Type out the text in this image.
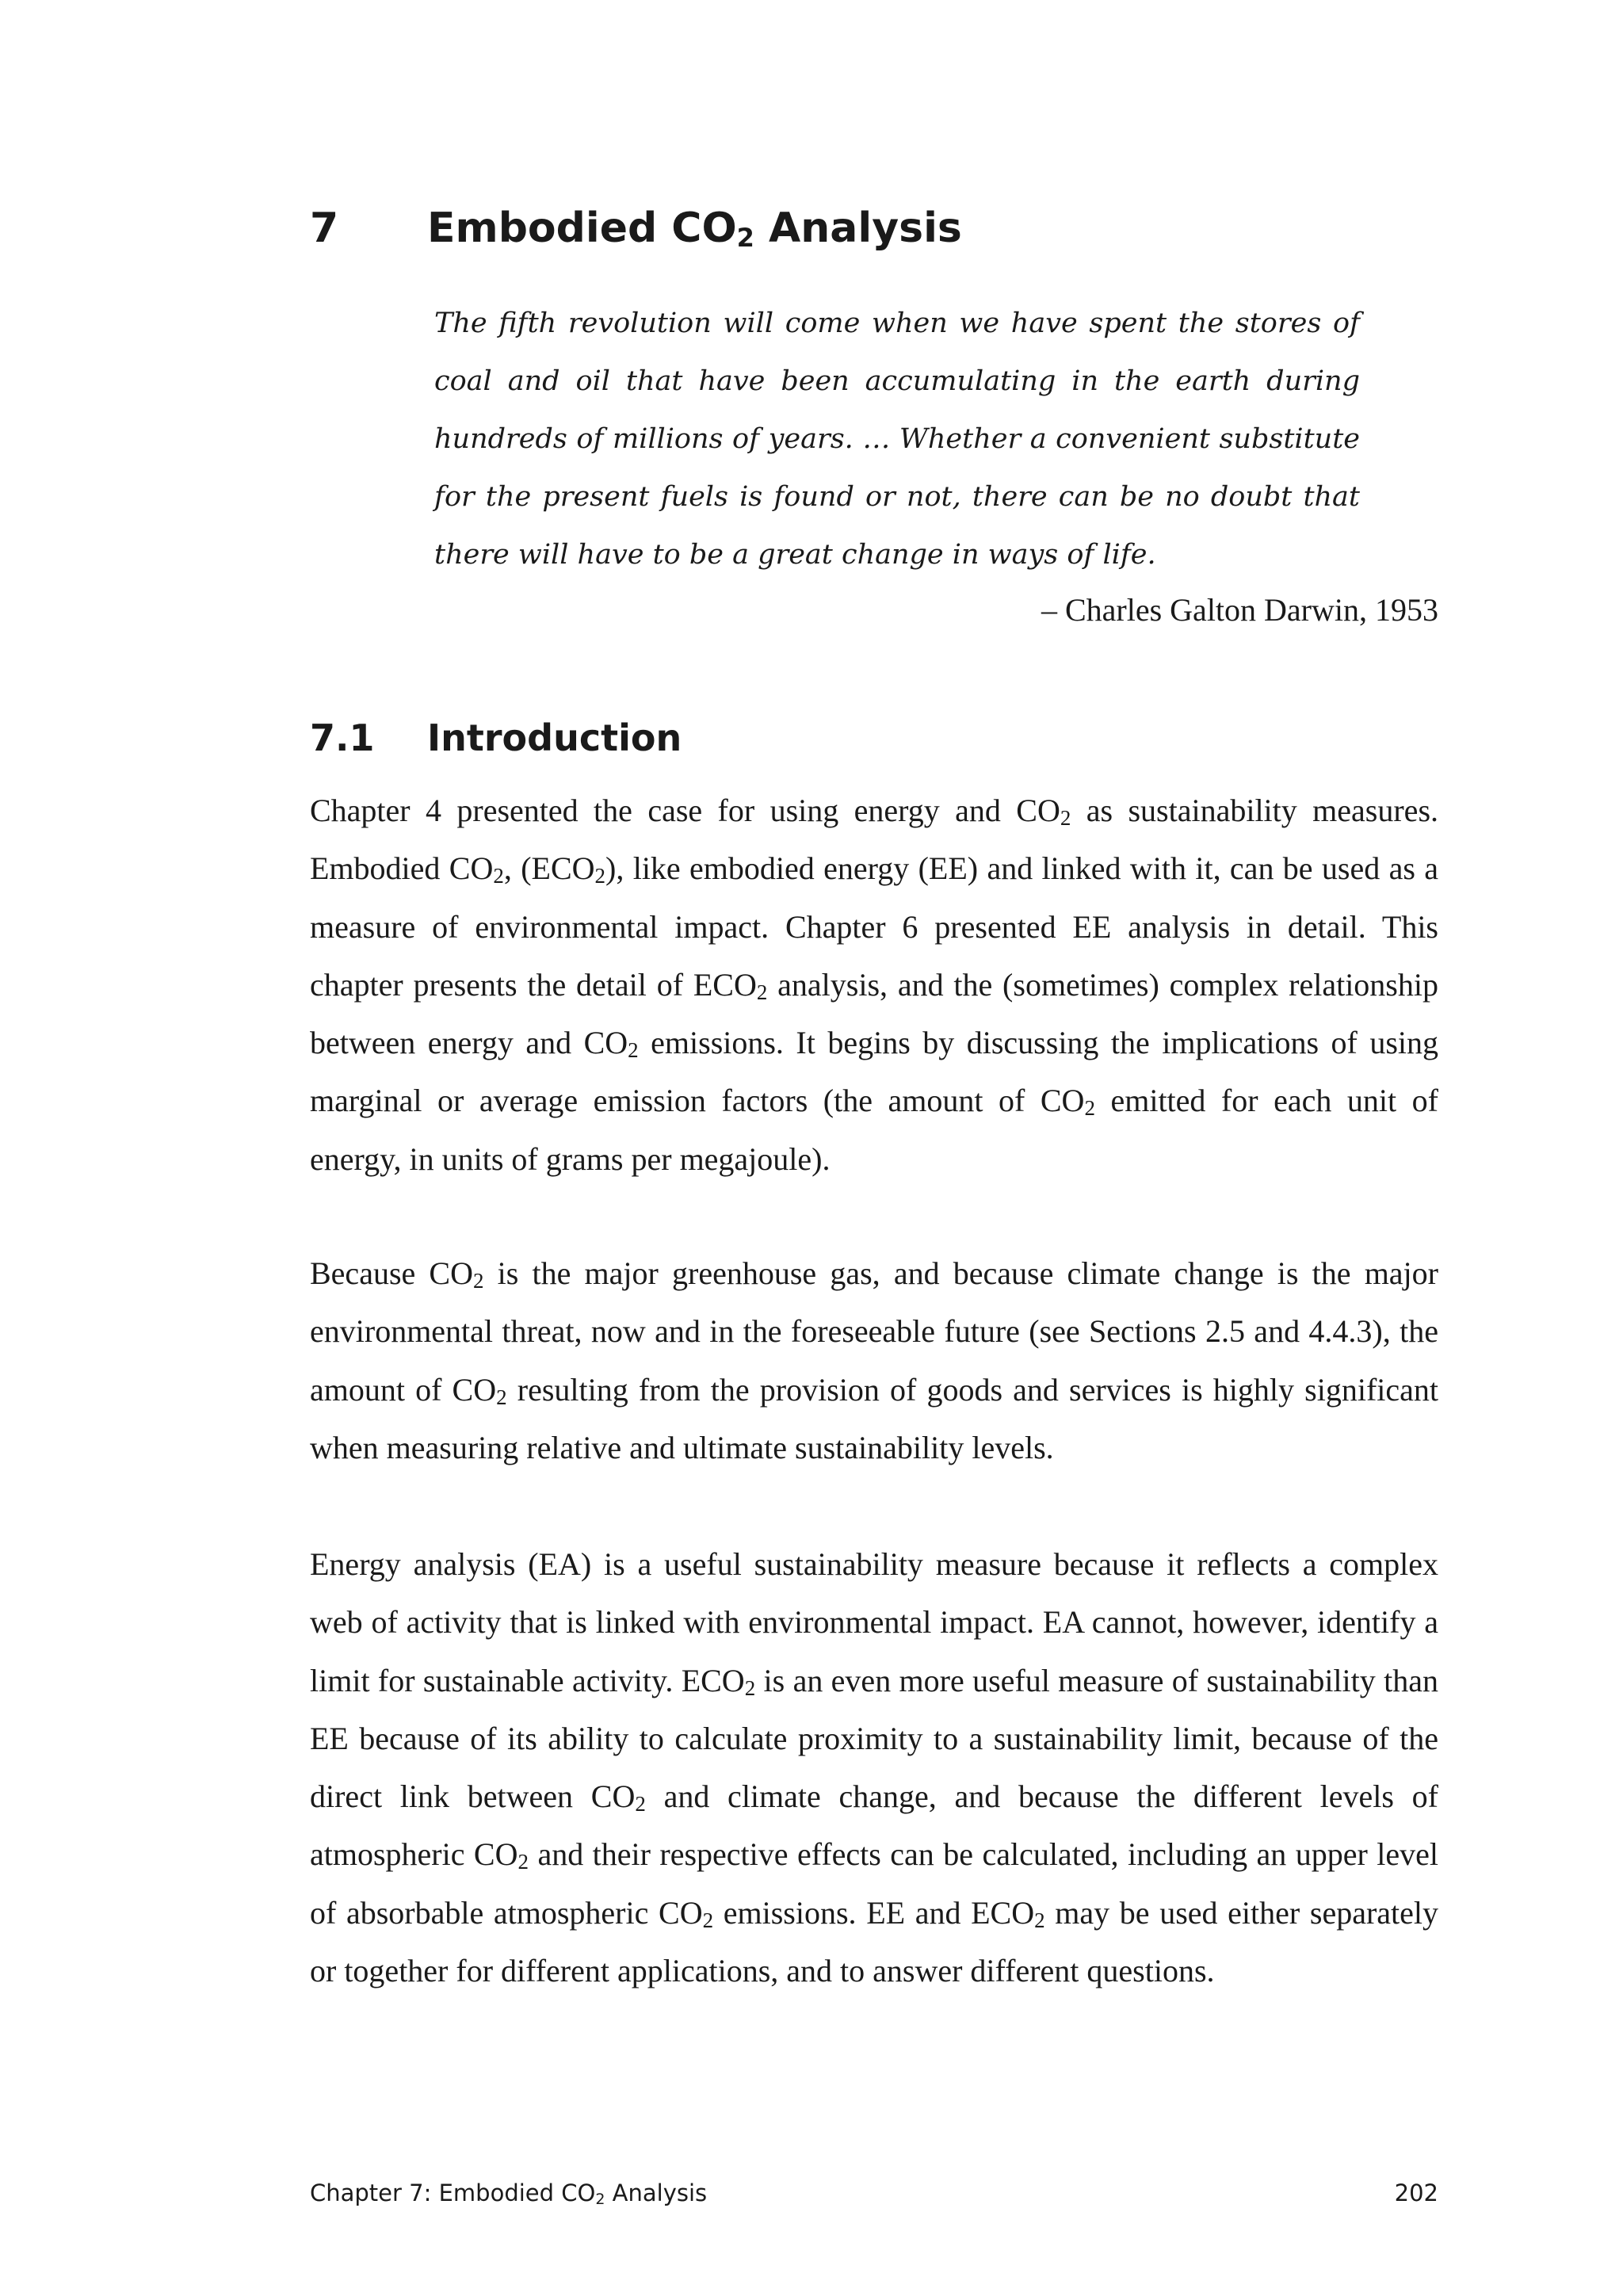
7 Embodied $CO_2$ Analysis
The fifth revolution will come when we have spent the stores of coal and oil that have been accumulating in the earth during hundreds of millions of years. … Whether a convenient substitute for the present fuels is found or not, there can be no doubt that there will have to be a great change in ways of life.
– Charles Galton Darwin, 1953
7.1 Introduction

Chapter 4 presented the case for using energy and $CO_2$ as sustainability measures. Embodied $CO_2$, $(ECO_2)$, like embodied energy (EE) and linked with it, can be used as a measure of environmental impact. Chapter 6 presented EE analysis in detail. This chapter presents the detail of $ECO_2$ analysis, and the (sometimes) complex relationship between energy and $CO_2$ emissions. It begins by discussing the implications of using marginal or average emission factors (the amount of $CO_2$ emitted for each unit of energy, in units of grams per megajoule).

Because $CO_2$ is the major greenhouse gas, and because climate change is the major environmental threat, now and in the foreseeable future (see Sections 2.5 and 4.4.3), the amount of $CO_2$ resulting from the provision of goods and services is highly significant when measuring relative and ultimate sustainability levels.

Energy analysis (EA) is a useful sustainability measure because it reflects a complex web of activity that is linked with environmental impact. EA cannot, however, identify a limit for sustainable activity. $ECO_2$ is an even more useful measure of sustainability than EE because of its ability to calculate proximity to a sustainability limit, because of the direct link between $CO_2$ and climate change, and because the different levels of atmospheric $CO_2$ and their respective effects can be calculated, including an upper level of absorbable atmospheric $CO_2$ emissions. EE and $ECO_2$ may be used either separately or together for different applications, and to answer different questions.

Chapter 7: Embodied $CO_2$ Analysis	202
